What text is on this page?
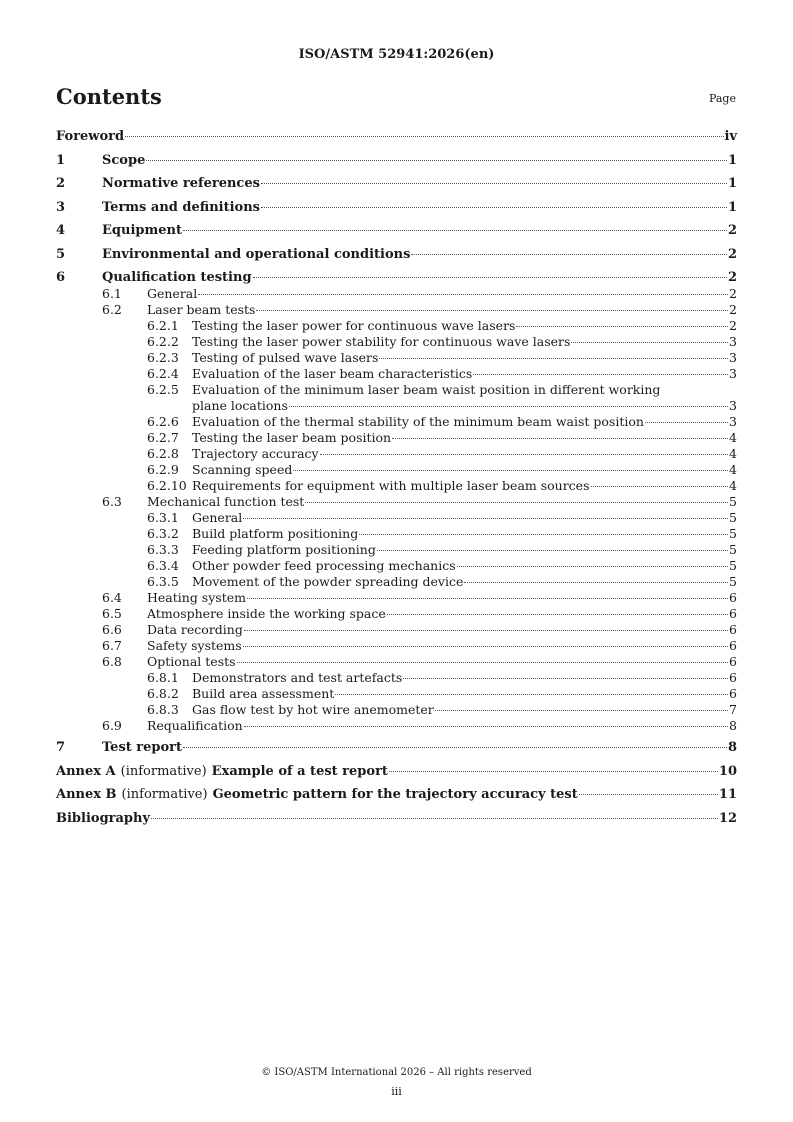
ISO/ASTM 52941:2026(en)
Contents	Page
Foreword	iv
1	Scope	1
2	Normative references	1
3	Terms and definitions	1
4	Equipment	2
5	Environmental and operational conditions	2
6	Qualification testing	2
6.1	General	2
6.2	Laser beam tests	2
6.2.1	Testing the laser power for continuous wave lasers	2
6.2.2	Testing the laser power stability for continuous wave lasers	3
6.2.3	Testing of pulsed wave lasers	3
6.2.4	Evaluation of the laser beam characteristics	3
6.2.5	Evaluation of the minimum laser beam waist position in different working
plane locations	3
6.2.6	Evaluation of the thermal stability of the minimum beam waist position	3
6.2.7	Testing the laser beam position	4
6.2.8	Trajectory accuracy	4
6.2.9	Scanning speed	4
6.2.10 Requirements for equipment with multiple laser beam sources	4
6.3	Mechanical function test	5
6.3.1	General	5
6.3.2	Build platform positioning	5
6.3.3	Feeding platform positioning	5
6.3.4	Other powder feed processing mechanics	5
6.3.5	Movement of the powder spreading device	5
6.4	Heating system	6
6.5	Atmosphere inside the working space	6
6.6	Data recording	6
6.7	Safety systems	6
6.8	Optional tests	6
6.8.1	Demonstrators and test artefacts	6
6.8.2	Build area assessment	6
6.8.3	Gas flow test by hot wire anemometer	7
6.9	Requalification	8
7	Test report	8
Annex A (informative) Example of a test report	10
Annex B (informative) Geometric pattern for the trajectory accuracy test	11
Bibliography	12
© ISO/ASTM International 2026 – All rights reserved
iii
